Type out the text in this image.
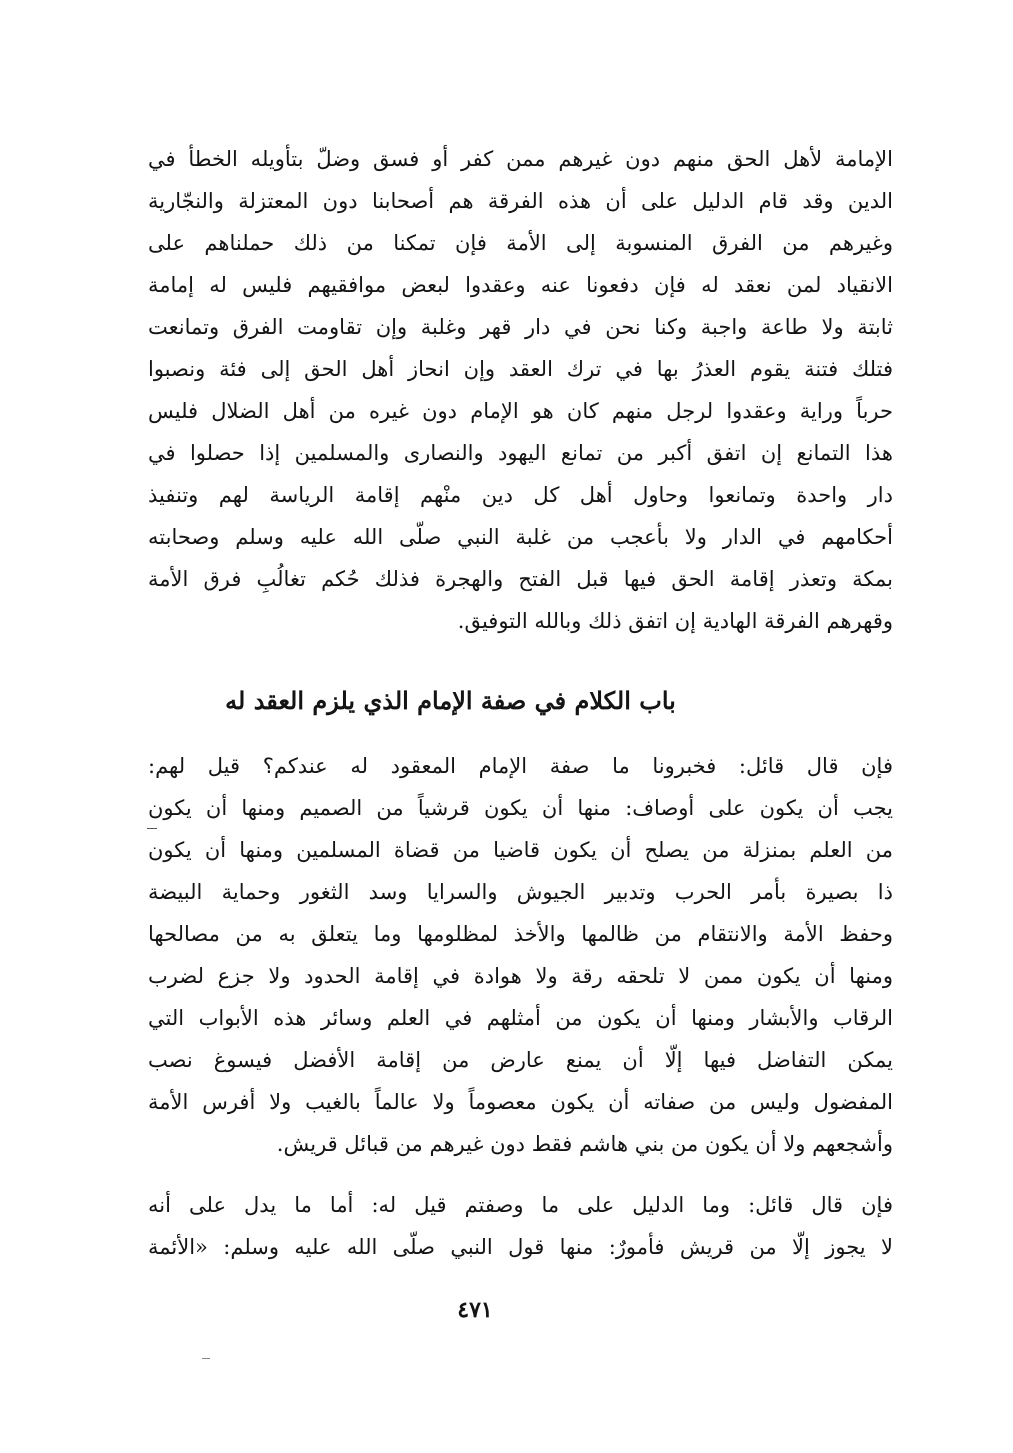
الإمامة لأهل الحق منهم دون غيرهم ممن كفر أو فسق وضلّ بتأويله الخطأ في
الدين وقد قام الدليل على أن هذه الفرقة هم أصحابنا دون المعتزلة والنجّارية
وغيرهم من الفرق المنسوبة إلى الأمة فإن تمكنا من ذلك حملناهم على
الانقياد لمن نعقد له فإن دفعونا عنه وعقدوا لبعض موافقيهم فليس له إمامة
ثابتة ولا طاعة واجبة وكنا نحن في دار قهر وغلبة وإن تقاومت الفرق وتمانعت
فتلك فتنة يقوم العذرُ بها في ترك العقد وإن انحاز أهل الحق إلى فئة ونصبوا
حرباً وراية وعقدوا لرجل منهم كان هو الإمام دون غيره من أهل الضلال فليس
هذا التمانع إن اتفق أكبر من تمانع اليهود والنصارى والمسلمين إذا حصلوا في
دار واحدة وتمانعوا وحاول أهل كل دين منْهم إقامة الرياسة لهم وتنفيذ
أحكامهم في الدار ولا بأعجب من غلبة النبي صلّى الله عليه وسلم وصحابته
بمكة وتعذر إقامة الحق فيها قبل الفتح والهجرة فذلك حُكم تغالُبِ فرق الأمة
وقهرهم الفرقة الهادية إن اتفق ذلك وبالله التوفيق.
باب الكلام في صفة الإمام الذي يلزم العقد له
فإن قال قائل: فخبرونا ما صفة الإمام المعقود له عندكم؟ قيل لهم:
يجب أن يكون على أوصاف: منها أن يكون قرشياً من الصميم ومنها أن يكون
من العلم بمنزلة من يصلح أن يكون قاضيا من قضاة المسلمين ومنها أن يكون
ذا بصيرة بأمر الحرب وتدبير الجيوش والسرايا وسد الثغور وحماية البيضة
وحفظ الأمة والانتقام من ظالمها والأخذ لمظلومها وما يتعلق به من مصالحها
ومنها أن يكون ممن لا تلحقه رقة ولا هوادة في إقامة الحدود ولا جزع لضرب
الرقاب والأبشار ومنها أن يكون من أمثلهم في العلم وسائر هذه الأبواب التي
يمكن التفاضل فيها إلّا أن يمنع عارض من إقامة الأفضل فيسوغ نصب
المفضول وليس من صفاته أن يكون معصوماً ولا عالماً بالغيب ولا أفرس الأمة
وأشجعهم ولا أن يكون من بني هاشم فقط دون غيرهم من قبائل قريش.
فإن قال قائل: وما الدليل على ما وصفتم قيل له: أما ما يدل على أنه
لا يجوز إلّا من قريش فأمورٌ: منها قول النبي صلّى الله عليه وسلم: «الأئمة
٤٧١
